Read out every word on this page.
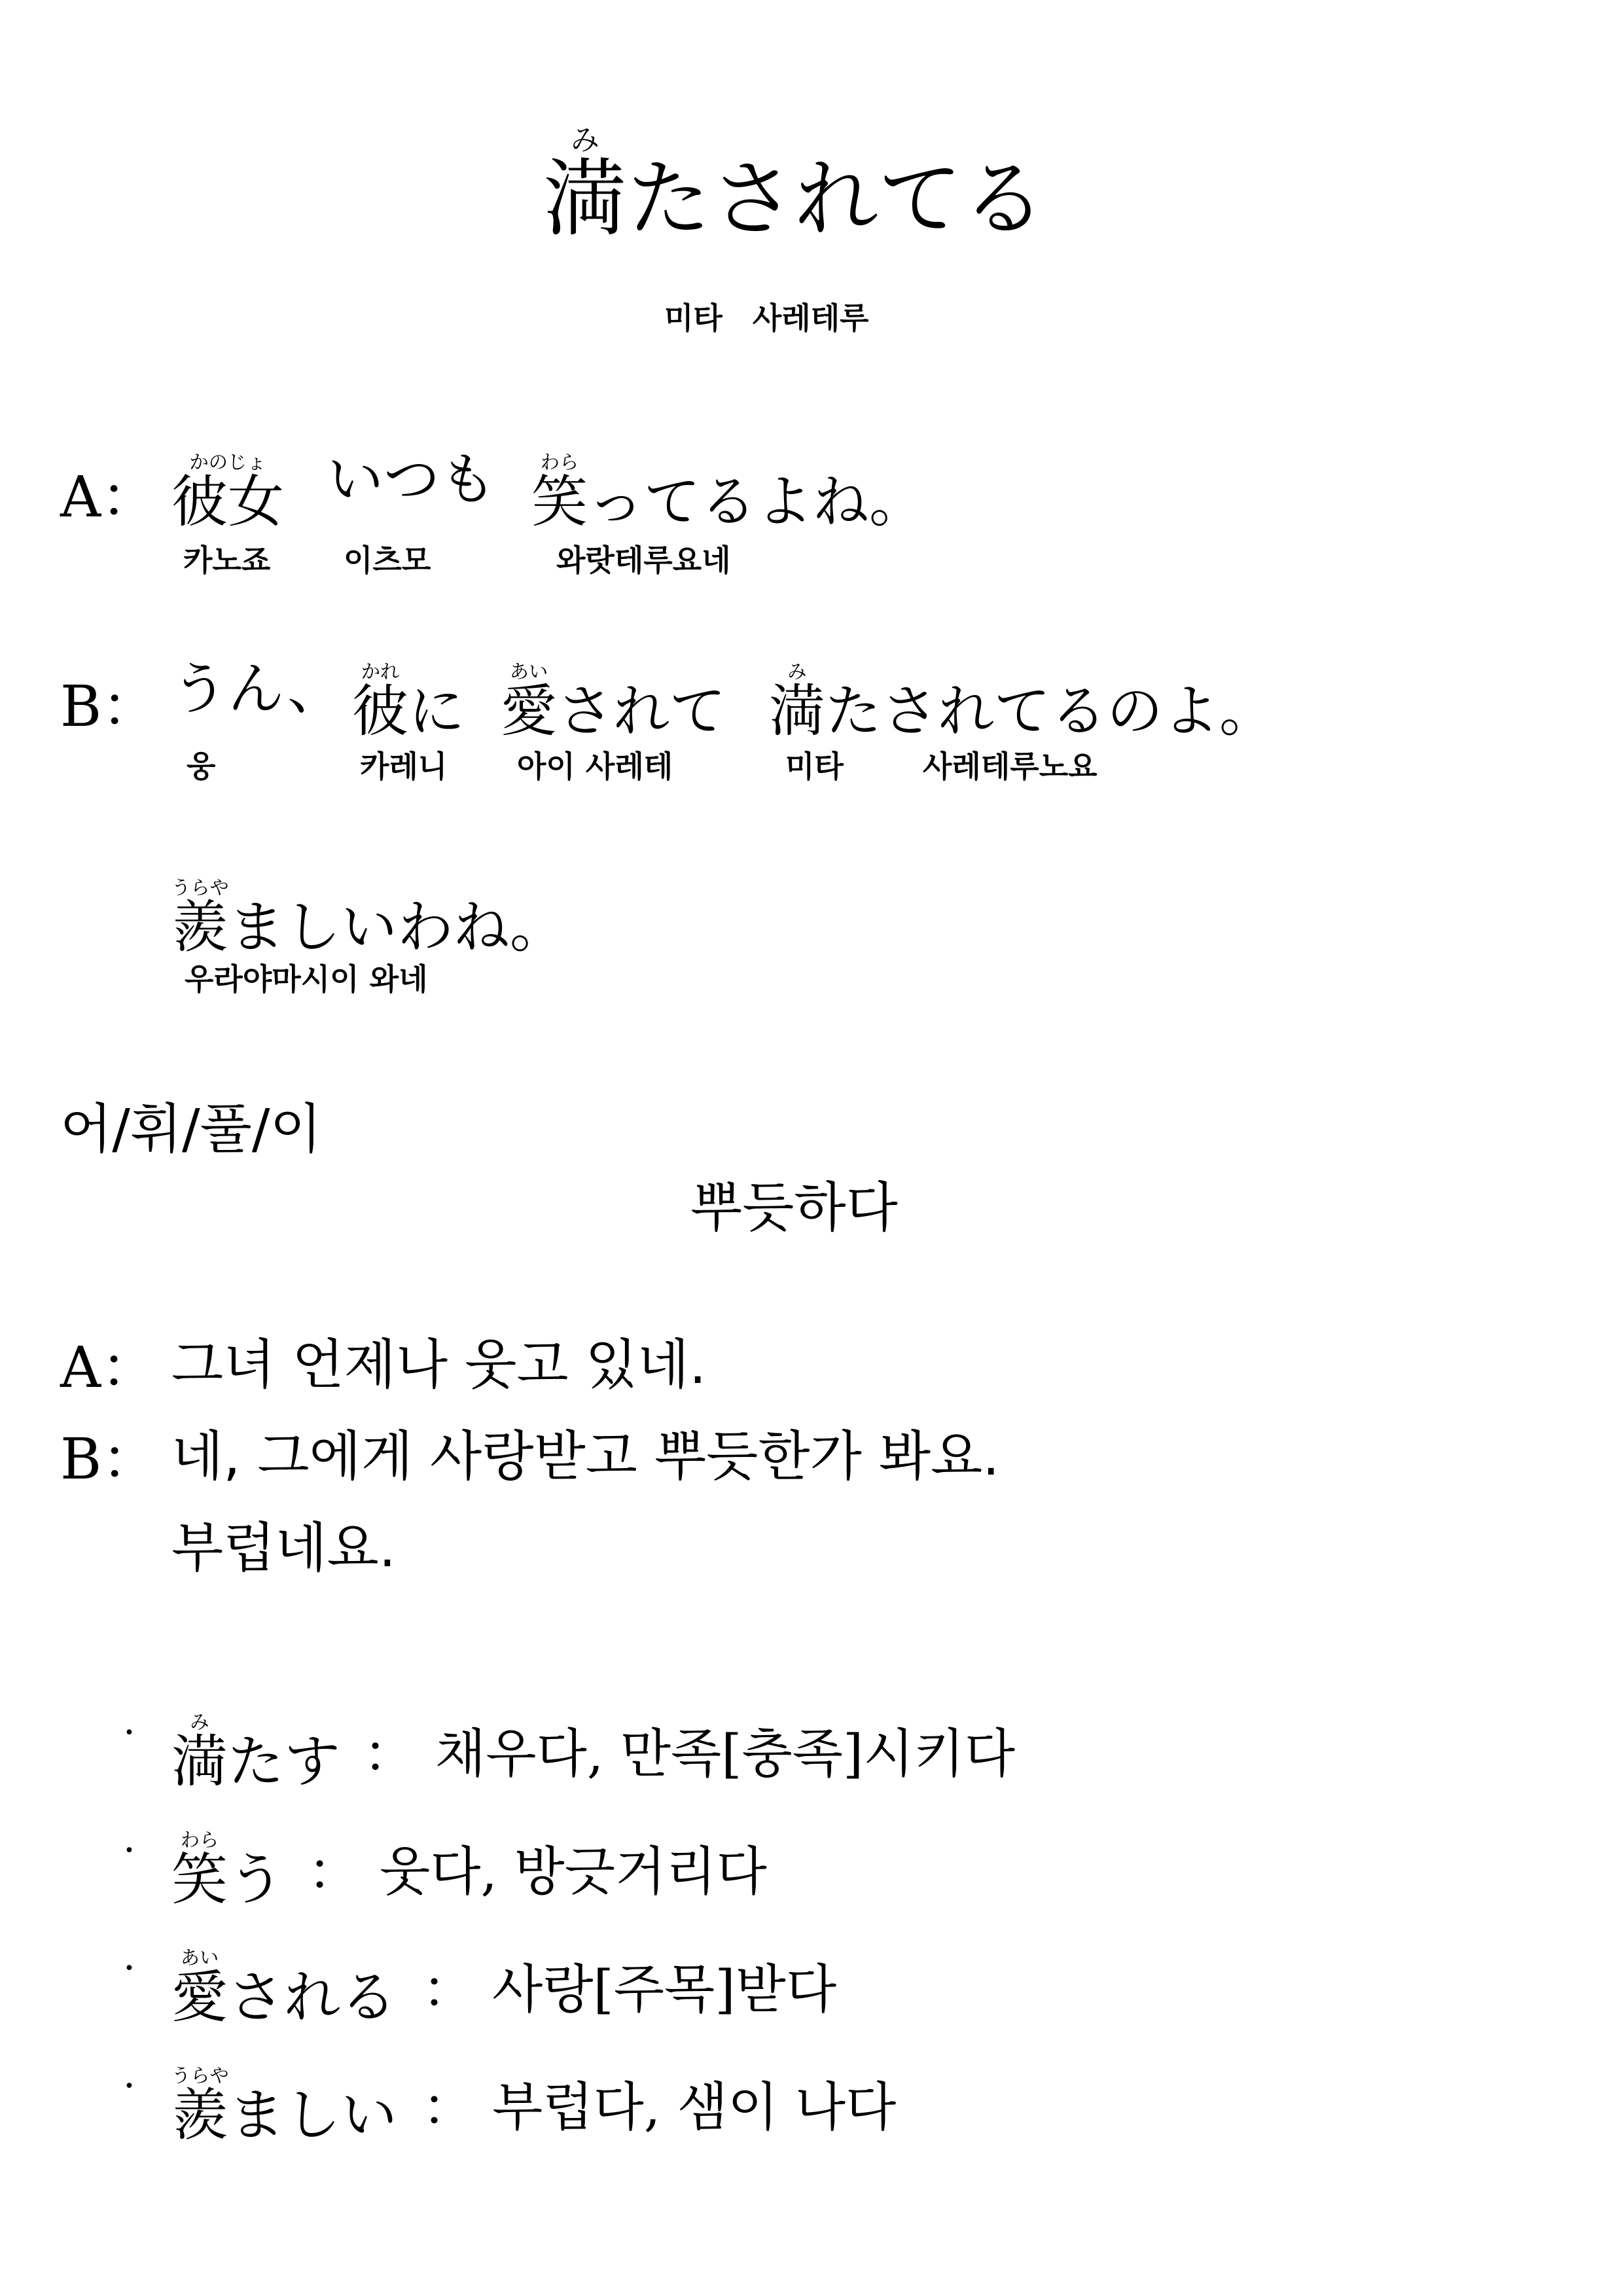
満みたされてる
미타　사레테루
A： 彼女かのじょ いつも 笑わらってるよね。
카노죠 이츠모	와랏테루요네
B： うん、 彼かれに 愛あいされて 満みたされてるのよ。
웅	카레니 아이 사레테	미타	사레테루노요
羨うらやましいわね。
우라야마시이 와네
어/휘/풀/이
뿌듯하다
A： 그녀 언제나 웃고 있네.
B： 네, 그에게 사랑받고 뿌듯한가 봐요.
부럽네요.
· 満みたす ： 채우다, 만족[충족]시키다
· 笑わらう ： 웃다, 방긋거리다
· 愛あいされる ： 사랑[주목]받다
· 羨うらやましい ： 부럽다, 샘이 나다
